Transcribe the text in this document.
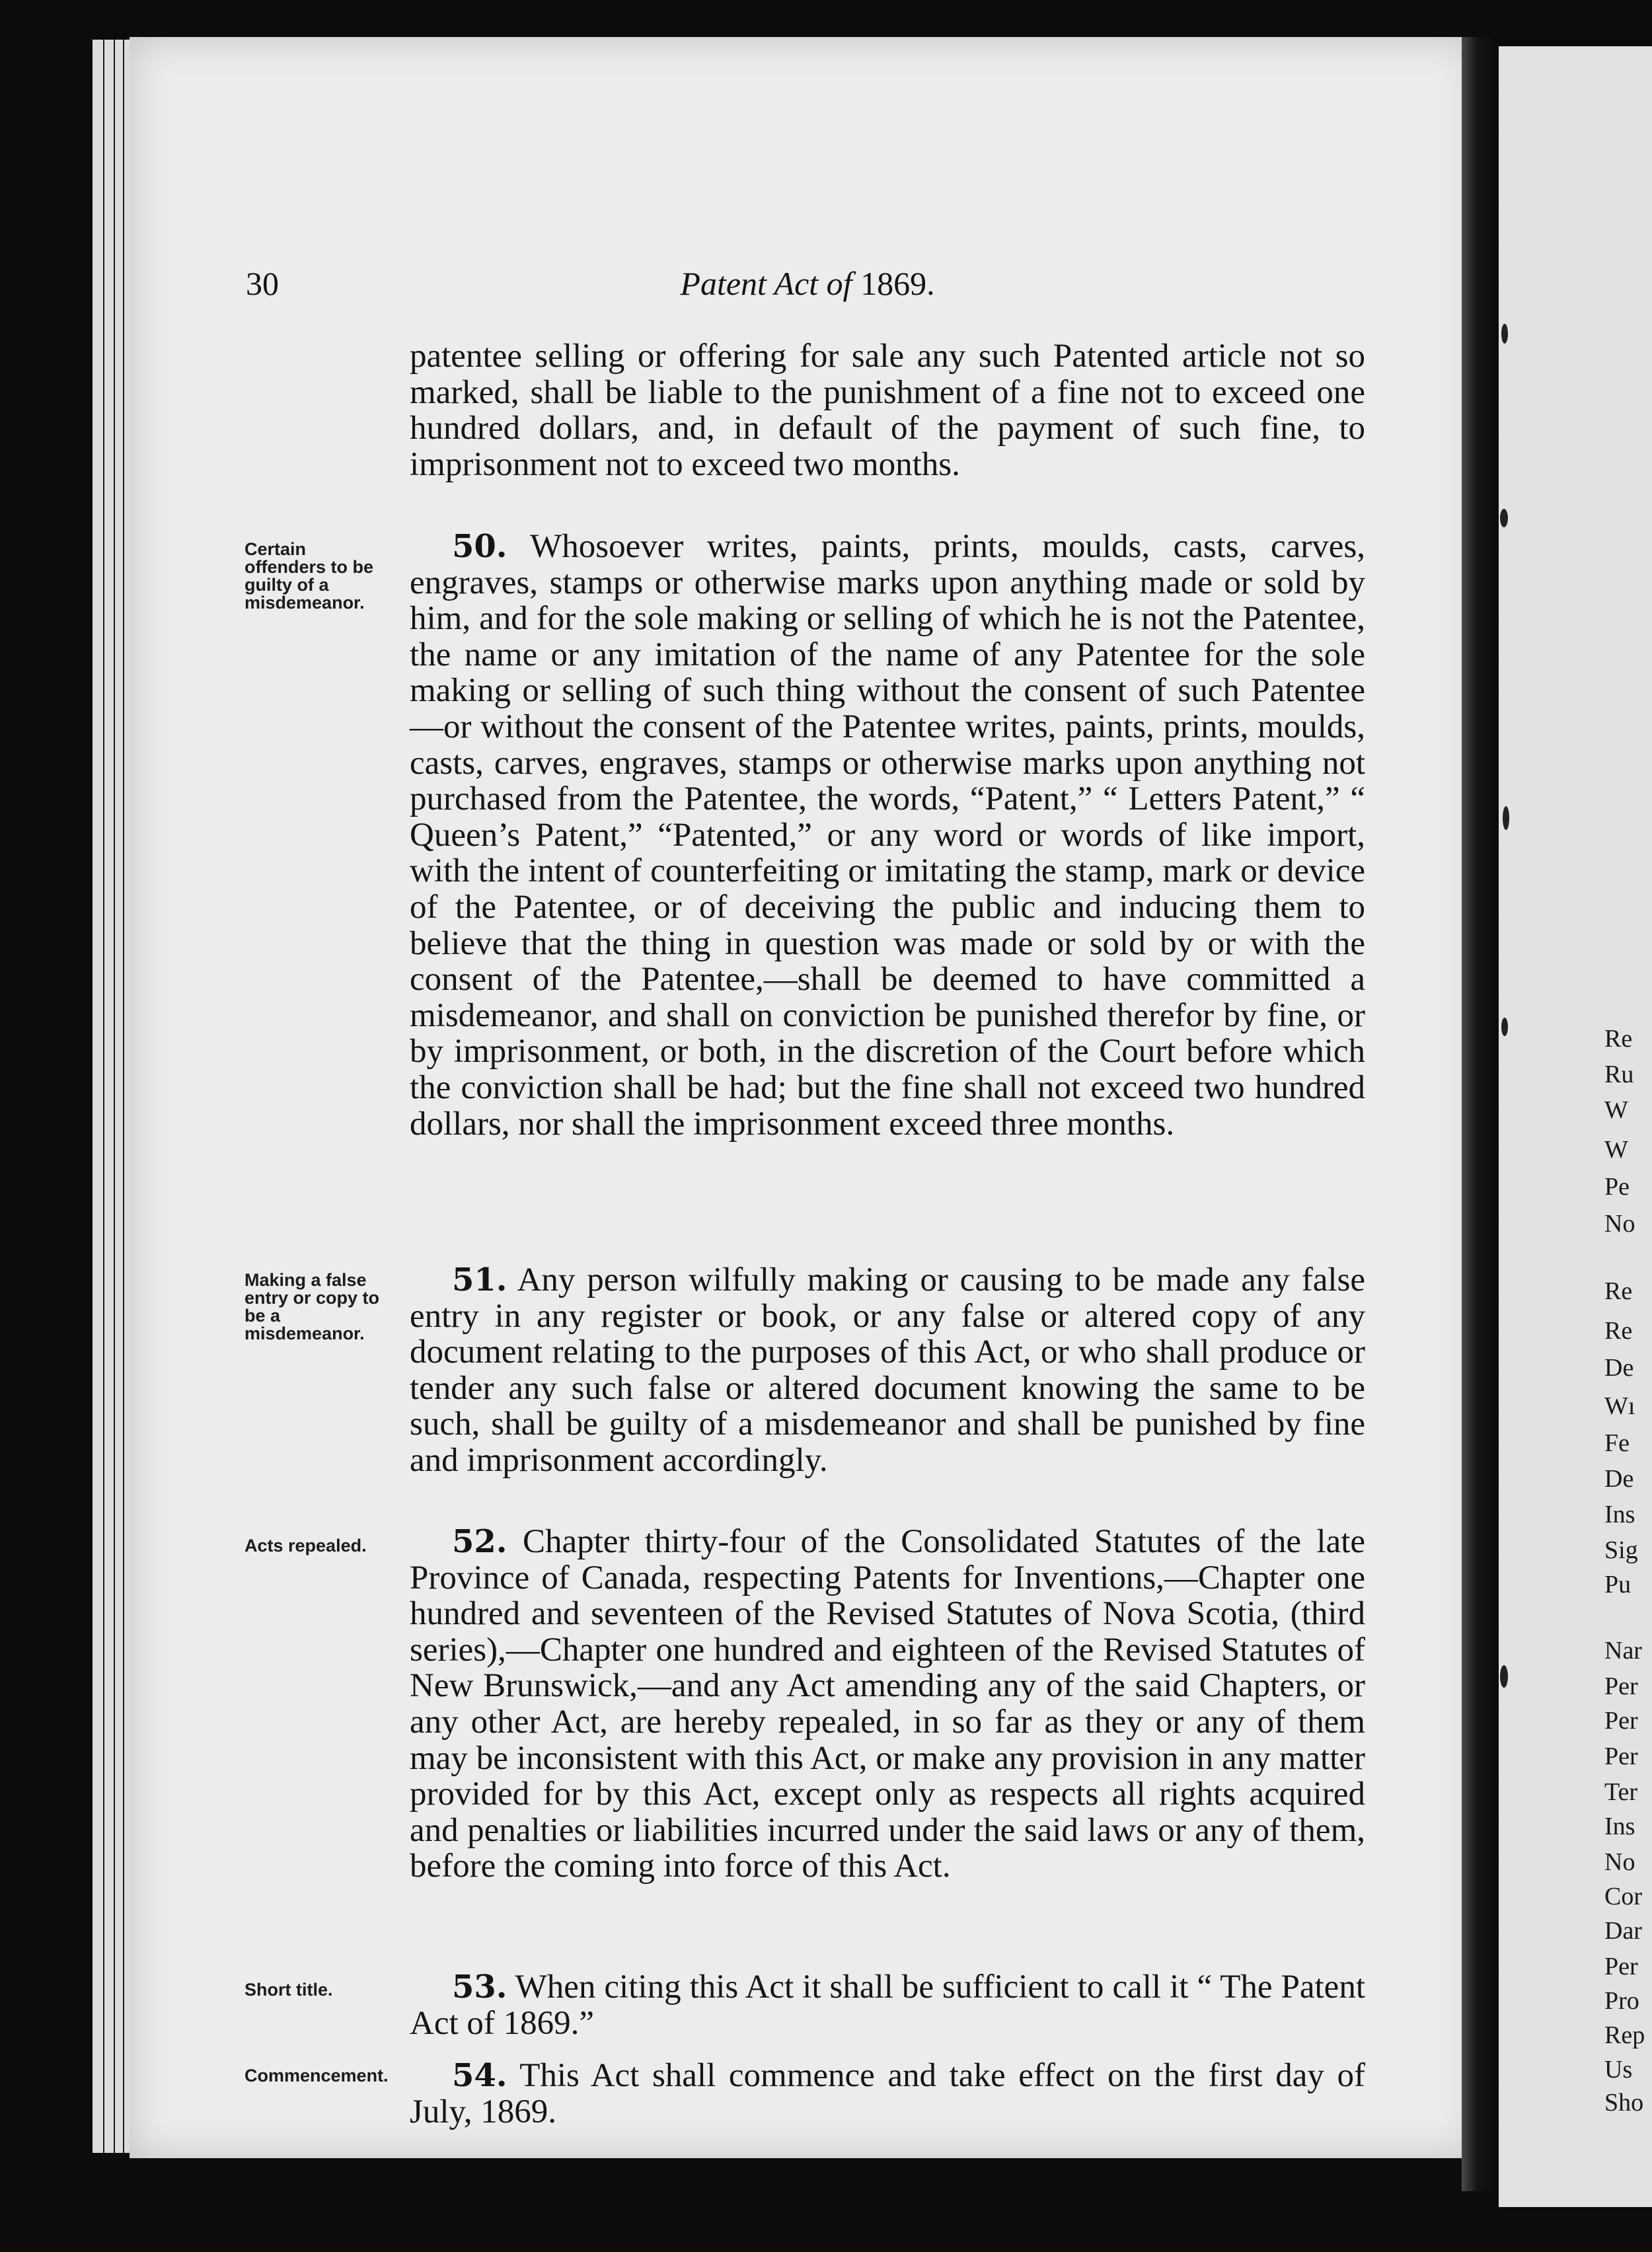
30	Patent Act of 1869.
patentee selling or offering for sale any such Patented article not so marked, shall be liable to the punishment of a fine not to exceed one hundred dollars, and, in default of the payment of such fine, to imprisonment not to exceed two months.
Certain offenders to be guilty of a misdemeanor.
50. Whosoever writes, paints, prints, moulds, casts, carves, engraves, stamps or otherwise marks upon anything made or sold by him, and for the sole making or selling of which he is not the Patentee, the name or any imitation of the name of any Patentee for the sole making or selling of such thing without the consent of such Patentee—or without the consent of the Patentee writes, paints, prints, moulds, casts, carves, engraves, stamps or otherwise marks upon anything not purchased from the Patentee, the words, “Patent,” “ Letters Patent,” “ Queen’s Patent,” “Patented,” or any word or words of like import, with the intent of counterfeiting or imitating the stamp, mark or device of the Patentee, or of deceiving the public and inducing them to believe that the thing in question was made or sold by or with the consent of the Patentee,—shall be deemed to have committed a misdemeanor, and shall on conviction be punished therefor by fine, or by imprisonment, or both, in the discretion of the Court before which the conviction shall be had; but the fine shall not exceed two hundred dollars, nor shall the imprisonment exceed three months.
Making a false entry or copy to be a misdemeanor.
51. Any person wilfully making or causing to be made any false entry in any register or book, or any false or altered copy of any document relating to the purposes of this Act, or who shall produce or tender any such false or altered document knowing the same to be such, shall be guilty of a misdemeanor and shall be punished by fine and imprisonment accordingly.
Acts repealed.	52. Chapter thirty-four of the Consolidated Statutes of the late Province of Canada, respecting Patents for Inventions,—Chapter one hundred and seventeen of the Revised Statutes of Nova Scotia, (third series),—Chapter one hundred and eighteen of the Revised Statutes of New Brunswick,—and any Act amending any of the said Chapters, or any other Act, are hereby repealed, in so far as they or any of them may be inconsistent with this Act, or make any provision in any matter provided for by this Act, except only as respects all rights acquired and penalties or liabilities incurred under the said laws or any of them, before the coming into force of this Act.
Short title.	53. When citing this Act it shall be sufficient to call it “ The Patent Act of 1869.”
Commencement.	54. This Act shall commence and take effect on the first day of July, 1869.
Re
Ru
W
W
Pe
No
Re
Re
De
Wı
Fe
De
Ins
Sig
Pu
Nar
Per
Per
Per
Ter
Ins
No
Cor
Dar
Per
Pro
Rep
Us
Sho
